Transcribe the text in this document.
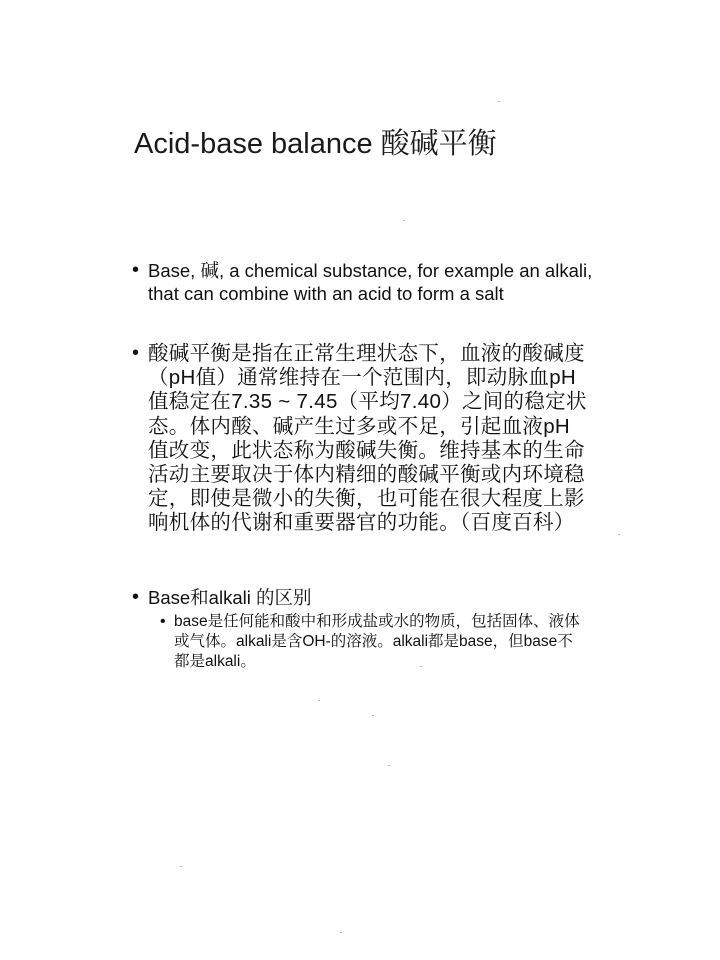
Acid-base balance 酸碱平衡
• Base, 碱, a chemical substance, for example an alkali, that can combine with an acid to form a salt
• 酸碱平衡是指在正常生理状态下，血液的酸碱度（pH值）通常维持在一个范围内，即动脉血pH值稳定在7.35 ~ 7.45（平均7.40）之间的稳定状态。体内酸、碱产生过多或不足，引起血液pH值改变，此状态称为酸碱失衡。维持基本的生命活动主要取决于体内精细的酸碱平衡或内环境稳定，即使是微小的失衡，也可能在很大程度上影响机体的代谢和重要器官的功能。（百度百科）
• Base和alkali 的区别
• base是任何能和酸中和形成盐或水的物质，包括固体、液体或气体。alkali是含OH-的溶液。alkali都是base，但base不都是alkali。
